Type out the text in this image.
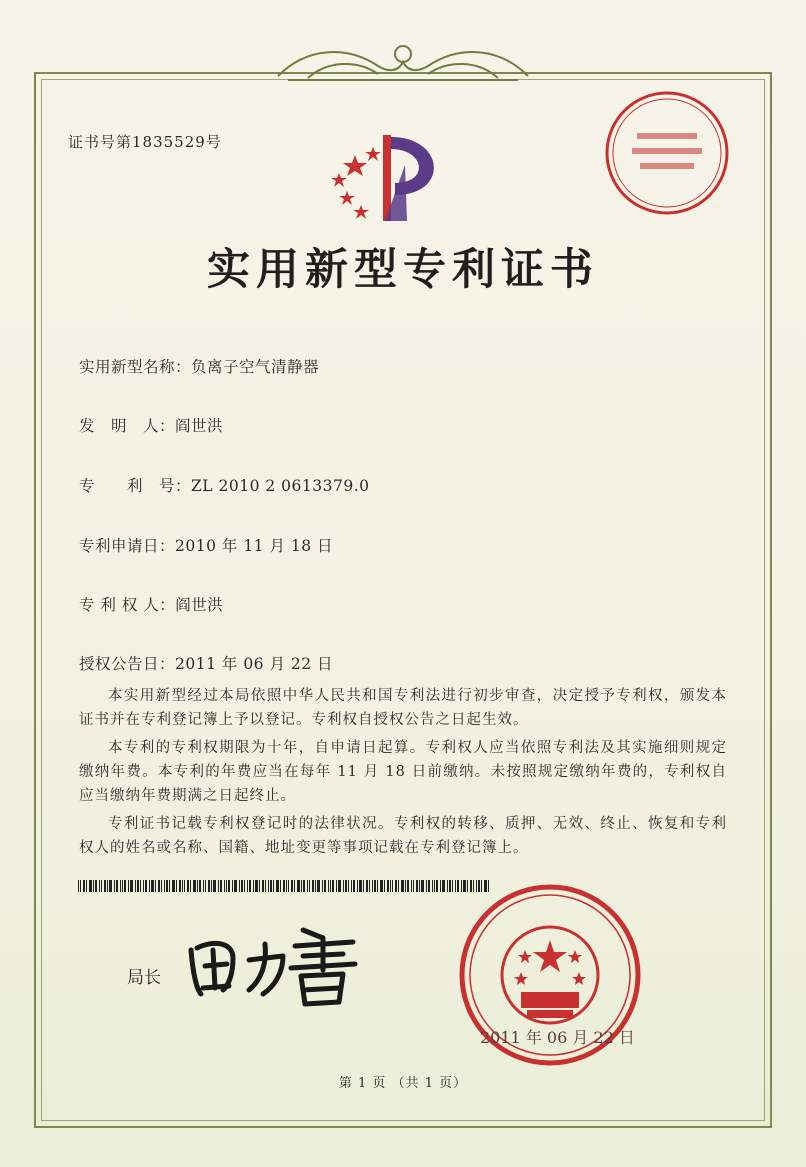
证书号第1835529号
实用新型专利证书
实用新型名称：负离子空气清静器
发　明　人：阎世洪
专　　利　号：ZL 2010 2 0613379.0
专利申请日：2010 年 11 月 18 日
专 利 权 人：阎世洪
授权公告日：2011 年 06 月 22 日
本实用新型经过本局依照中华人民共和国专利法进行初步审查，决定授予专利权，颁发本证书并在专利登记簿上予以登记。专利权自授权公告之日起生效。
本专利的专利权期限为十年，自申请日起算。专利权人应当依照专利法及其实施细则规定缴纳年费。本专利的年费应当在每年 11 月 18 日前缴纳。未按照规定缴纳年费的，专利权自应当缴纳年费期满之日起终止。
专利证书记载专利权登记时的法律状况。专利权的转移、质押、无效、终止、恢复和专利权人的姓名或名称、国籍、地址变更等事项记载在专利登记簿上。
局长
2011 年 06 月 22 日
第 1 页 （共 1 页）
